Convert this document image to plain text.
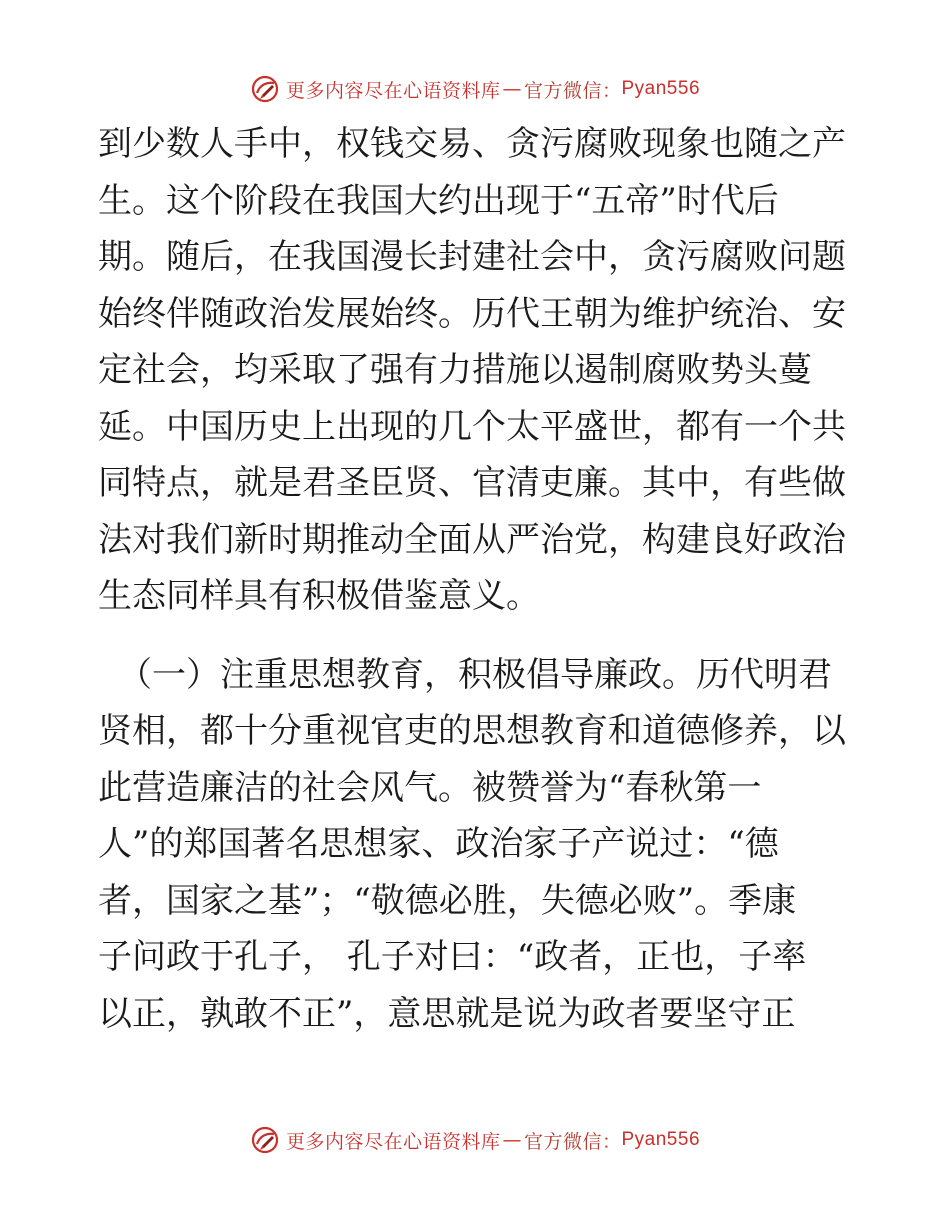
更多内容尽在心语资料库 — 官方微信： Pyan556
到少数人手中，权钱交易、贪污腐败现象也随之产
生。这个阶段在我国大约出现于“五帝”时代后
期。随后，在我国漫长封建社会中，贪污腐败问题
始终伴随政治发展始终。历代王朝为维护统治、安
定社会，均采取了强有力措施以遏制腐败势头蔓
延。中国历史上出现的几个太平盛世，都有一个共
同特点，就是君圣臣贤、官清吏廉。其中，有些做
法对我们新时期推动全面从严治党，构建良好政治
生态同样具有积极借鉴意义。
（一）注重思想教育，积极倡导廉政。历代明君
贤相，都十分重视官吏的思想教育和道德修养，以
此营造廉洁的社会风气。被赞誉为“春秋第一
人”的郑国著名思想家、政治家子产说过：“德
者，国家之基”；“敬德必胜，失德必败”。季康
子问政于孔子， 孔子对曰：“政者，正也，子率
以正，孰敢不正”，意思就是说为政者要坚守正
更多内容尽在心语资料库 — 官方微信： Pyan556
